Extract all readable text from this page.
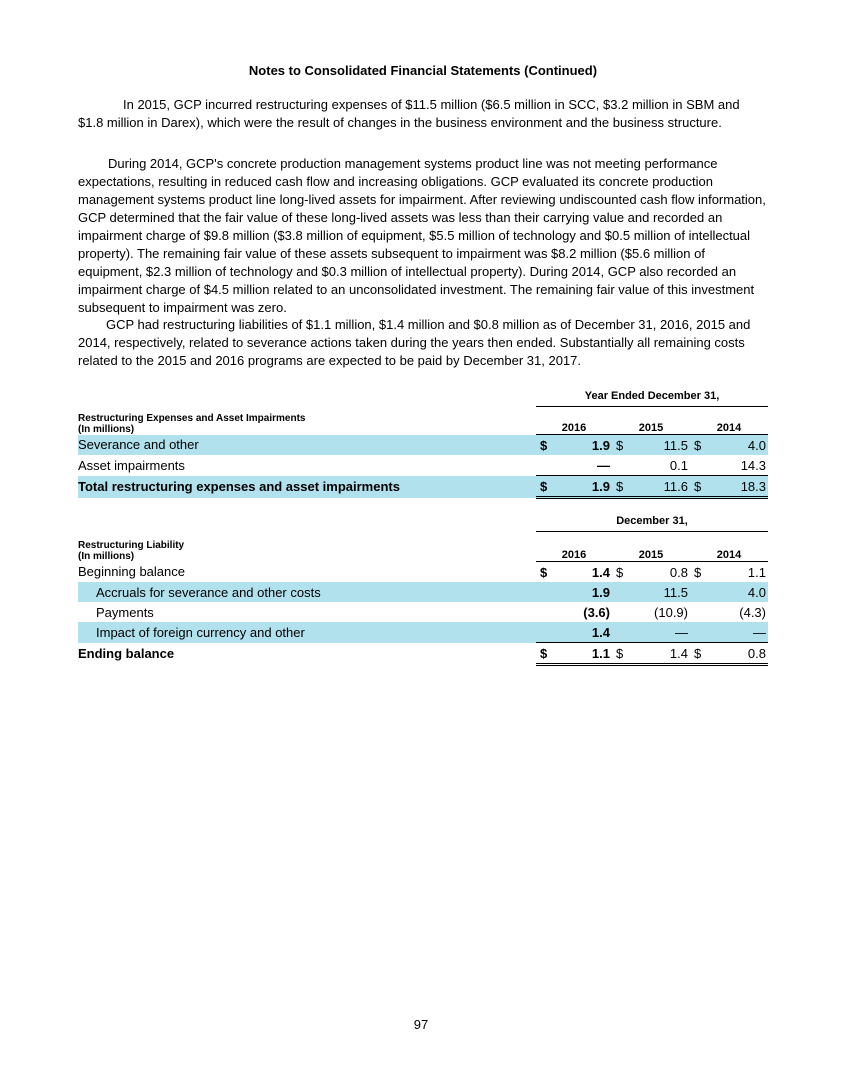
Notes to Consolidated Financial Statements (Continued)

In 2015, GCP incurred restructuring expenses of $11.5 million ($6.5 million in SCC, $3.2 million in SBM and $1.8 million in Darex), which were the result of changes in the business environment and the business structure.

During 2014, GCP's concrete production management systems product line was not meeting performance expectations, resulting in reduced cash flow and increasing obligations. GCP evaluated its concrete production management systems product line long-lived assets for impairment. After reviewing undiscounted cash flow information, GCP determined that the fair value of these long-lived assets was less than their carrying value and recorded an impairment charge of $9.8 million ($3.8 million of equipment, $5.5 million of technology and $0.5 million of intellectual property). The remaining fair value of these assets subsequent to impairment was $8.2 million ($5.6 million of equipment, $2.3 million of technology and $0.3 million of intellectual property). During 2014, GCP also recorded an impairment charge of $4.5 million related to an unconsolidated investment. The remaining fair value of this investment subsequent to impairment was zero.

GCP had restructuring liabilities of $1.1 million, $1.4 million and $0.8 million as of December 31, 2016, 2015 and 2014, respectively, related to severance actions taken during the years then ended. Substantially all remaining costs related to the 2015 and 2016 programs are expected to be paid by December 31, 2017.

	Year Ended December 31,					

Restructuring Expenses and Asset Impairments
(In millions)	2016		2015		2014	
Severance and other	$	1.9	$	11.5	$	4.0
Asset impairments		—		0.1		14.3
Total restructuring expenses and asset impairments	$	1.9	$	11.6	$	18.3
	December 31,					

Restructuring Liability
(In millions)	2016		2015		2014	
Beginning balance	$	1.4	$	0.8	$	1.1
Accruals for severance and other costs		1.9		11.5		4.0
Payments		(3.6)		(10.9)		(4.3)
Impact of foreign currency and other		1.4		—		—
Ending balance	$	1.1	$	1.4	$	0.8
97
